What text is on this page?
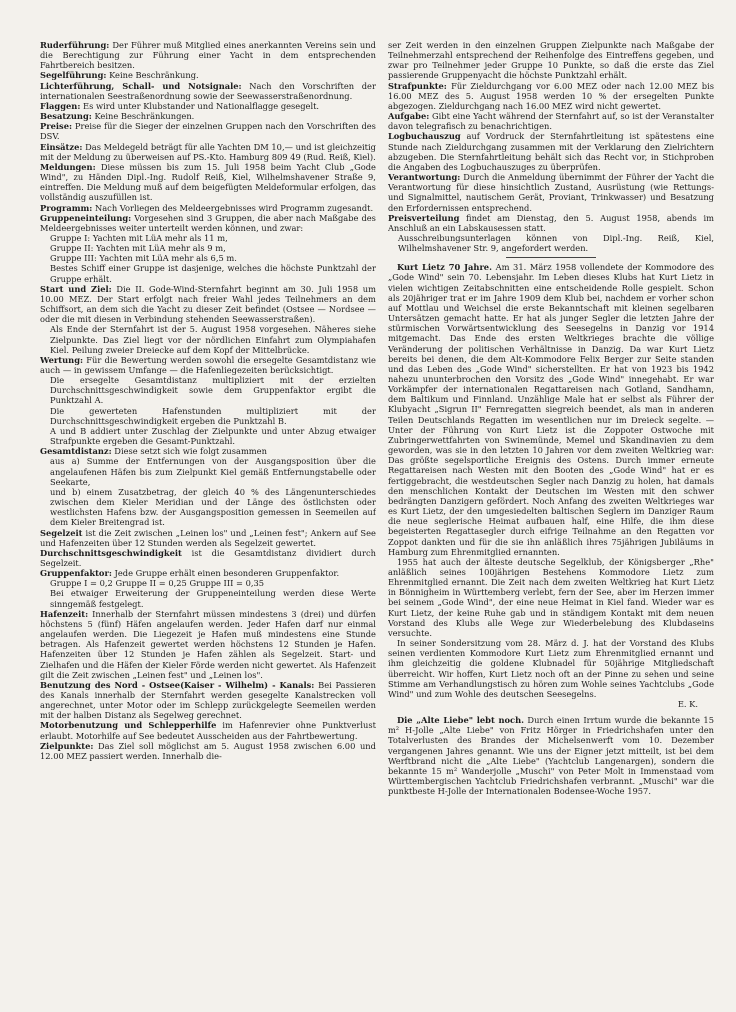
Ruderführung: Der Führer muß Mitglied eines anerkannten Vereins sein und die Berechtigung zur Führung einer Yacht in dem entsprechenden Fahrtbereich besitzen.

Segelführung: Keine Beschränkung.

Lichterführung, Schall- und Notsignale: Nach den Vorschriften der internationalen Seestraßenordnung sowie der Seewasserstraßenordnung.

Flaggen: Es wird unter Klubstander und Nationalflagge gesegelt.

Besatzung: Keine Beschränkungen.

Preise: Preise für die Sieger der einzelnen Gruppen nach den Vorschriften des DSV.

Einsätze: Das Meldegeld beträgt für alle Yachten DM 10,— und ist gleichzeitig mit der Meldung zu überweisen auf PS.-Kto. Hamburg 809 49 (Rud. Reiß, Kiel).

Meldungen: Diese müssen bis zum 15. Juli 1958 beim Yacht Club „Gode Wind", zu Händen Dipl.-Ing. Rudolf Reiß, Kiel, Wilhelmshavener Straße 9, eintreffen. Die Meldung muß auf dem beigefügten Meldeformular erfolgen, das vollständig auszufüllen ist.

Programm: Nach Vorliegen des Meldeergebnisses wird Programm zugesandt.

Gruppeneinteilung: Vorgesehen sind 3 Gruppen, die aber nach Maßgabe des Meldeergebnisses weiter unterteilt werden können, und zwar:

Gruppe I: Yachten mit LüA mehr als 11 m,

Gruppe II: Yachten mit LüA mehr als 9 m,

Gruppe III: Yachten mit LüA mehr als 6,5 m.

Bestes Schiff einer Gruppe ist dasjenige, welches die höchste Punktzahl der Gruppe erhält.

Start und Ziel: Die II. Gode-Wind-Sternfahrt beginnt am 30. Juli 1958 um 10.00 MEZ. Der Start erfolgt nach freier Wahl jedes Teilnehmers an dem Schiffsort, an dem sich die Yacht zu dieser Zeit befindet (Ostsee — Nordsee — oder die mit diesen in Verbindung stehenden Seewasserstraßen).

Als Ende der Sternfahrt ist der 5. August 1958 vorgesehen. Näheres siehe Zielpunkte. Das Ziel liegt vor der nördlichen Einfahrt zum Olympiahafen Kiel. Peilung zweier Dreiecke auf dem Kopf der Mittelbrücke.

Wertung: Für die Bewertung werden sowohl die ersegelte Gesamtdistanz wie auch — in gewissem Umfange — die Hafenliegezeiten berücksichtigt.

Die ersegelte Gesamtdistanz multipliziert mit der erzielten Durchschnittsgeschwindigkeit sowie dem Gruppenfaktor ergibt die Punktzahl A.

Die gewerteten Hafenstunden multipliziert mit der Durchschnittsgeschwindigkeit ergeben die Punktzahl B.

A und B addiert unter Zuschlag der Zielpunkte und unter Abzug etwaiger Strafpunkte ergeben die Gesamt-Punktzahl.

Gesamtdistanz: Diese setzt sich wie folgt zusammen

aus a) Summe der Entfernungen von der Ausgangsposition über die angelaufenen Häfen bis zum Zielpunkt Kiel gemäß Entfernungstabelle oder Seekarte,

und b) einem Zusatzbetrag, der gleich 40 % des Längenunterschiedes zwischen dem Kieler Meridian und der Länge des östlichsten oder westlichsten Hafens bzw. der Ausgangsposition gemessen in Seemeilen auf dem Kieler Breitengrad ist.

Segelzeit ist die Zeit zwischen „Leinen los" und „Leinen fest"; Ankern auf See und Hafenzeiten über 12 Stunden werden als Segelzeit gewertet.

Durchschnittsgeschwindigkeit ist die Gesamtdistanz dividiert durch Segelzeit.

Gruppenfaktor: Jede Gruppe erhält einen besonderen Gruppenfaktor.

Gruppe I = 0,2 Gruppe II = 0,25 Gruppe III = 0,35

Bei etwaiger Erweiterung der Gruppeneinteilung werden diese Werte sinngemäß festgelegt.

Hafenzeit: Innerhalb der Sternfahrt müssen mindestens 3 (drei) und dürfen höchstens 5 (fünf) Häfen angelaufen werden. Jeder Hafen darf nur einmal angelaufen werden. Die Liegezeit je Hafen muß mindestens eine Stunde betragen. Als Hafenzeit gewertet werden höchstens 12 Stunden je Hafen. Hafenzeiten über 12 Stunden je Hafen zählen als Segelzeit. Start- und Zielhafen und die Häfen der Kieler Förde werden nicht gewertet. Als Hafenzeit gilt die Zeit zwischen „Leinen fest" und „Leinen los".

Benutzung des Nord - Ostsee(Kaiser - Wilhelm) - Kanals: Bei Passieren des Kanals innerhalb der Sternfahrt werden gesegelte Kanalstrecken voll angerechnet, unter Motor oder im Schlepp zurückgelegte Seemeilen werden mit der halben Distanz als Segelweg gerechnet.

Motorbenutzung und Schlepperhilfe im Hafenrevier ohne Punktverlust erlaubt. Motorhilfe auf See bedeutet Ausscheiden aus der Fahrtbewertung.

Zielpunkte: Das Ziel soll möglichst am 5. August 1958 zwischen 6.00 und 12.00 MEZ passiert werden. Innerhalb die-

ser Zeit werden in den einzelnen Gruppen Zielpunkte nach Maßgabe der Teilnehmerzahl entsprechend der Reihenfolge des Eintreffens gegeben, und zwar pro Teilnehmer jeder Gruppe 10 Punkte, so daß die erste das Ziel passierende Gruppenyacht die höchste Punktzahl erhält.

Strafpunkte: Für Zieldurchgang vor 6.00 MEZ oder nach 12.00 MEZ bis 16.00 MEZ des 5. August 1958 werden 10 % der ersegelten Punkte abgezogen. Zieldurchgang nach 16.00 MEZ wird nicht gewertet.

Aufgabe: Gibt eine Yacht während der Sternfahrt auf, so ist der Veranstalter davon telegrafisch zu benachrichtigen.

Logbuchauszug auf Vordruck der Sternfahrtleitung ist spätestens eine Stunde nach Zieldurchgang zusammen mit der Verklarung den Zielrichtern abzugeben. Die Sternfahrtleitung behält sich das Recht vor, in Stichproben die Angaben des Logbuchauszuges zu überprüfen.

Verantwortung: Durch die Anmeldung übernimmt der Führer der Yacht die Verantwortung für diese hinsichtlich Zustand, Ausrüstung (wie Rettungs- und Signalmittel, nautischem Gerät, Proviant, Trinkwasser) und Besatzung den Erfordernissen entsprechend.

Preisverteilung findet am Dienstag, den 5. August 1958, abends im Anschluß an ein Labskausessen statt.

Ausschreibungsunterlagen können von Dipl.-Ing. Reiß, Kiel, Wilhelmshavener Str. 9, angefordert werden.

Kurt Lietz 70 Jahre. Am 31. März 1958 vollendete der Kommodore des „Gode Wind" sein 70. Lebensjahr. Im Leben dieses Klubs hat Kurt Lietz in vielen wichtigen Zeitabschnitten eine entscheidende Rolle gespielt. Schon als 20jähriger trat er im Jahre 1909 dem Klub bei, nachdem er vorher schon auf Mottlau und Weichsel die erste Bekanntschaft mit kleinen segelbaren Untersätzen gemacht hatte. Er hat als junger Segler die letzten Jahre der stürmischen Vorwärtsentwicklung des Seesegelns in Danzig vor 1914 mitgemacht. Das Ende des ersten Weltkrieges brachte die völlige Veränderung der politischen Verhältnisse in Danzig. Da war Kurt Lietz bereits bei denen, die dem Alt-Kommodore Felix Berger zur Seite standen und das Leben des „Gode Wind" sicherstellten. Er hat von 1923 bis 1942 nahezu ununterbrochen den Vorsitz des „Gode Wind" innegehabt. Er war Vorkämpfer der internationalen Regattareisen nach Gotland, Sandhamn, dem Baltikum und Finnland. Unzählige Male hat er selbst als Führer der Klubyacht „Sigrun II" Fernregatten siegreich beendet, als man in anderen Teilen Deutschlands Regatten im wesentlichen nur im Dreieck segelte. — Unter der Führung von Kurt Lietz ist die Zoppoter Ostwoche mit Zubringerwettfahrten von Swinemünde, Memel und Skandinavien zu dem geworden, was sie in den letzten 10 Jahren vor dem zweiten Weltkrieg war: Das größte segelsportliche Ereignis des Ostens. Durch immer erneute Regattareisen nach Westen mit den Booten des „Gode Wind" hat er es fertiggebracht, die westdeutschen Segler nach Danzig zu holen, hat damals den menschlichen Kontakt der Deutschen im Westen mit den schwer bedrängten Danzigern gefördert. Noch Anfang des zweiten Weltkrieges war es Kurt Lietz, der den umgesiedelten baltischen Seglern im Danziger Raum die neue seglerische Heimat aufbauen half, eine Hilfe, die ihm diese begeisterten Regattasegler durch eifrige Teilnahme an den Regatten vor Zoppot dankten und für die sie ihn anläßlich ihres 75jährigen Jubiläums in Hamburg zum Ehrenmitglied ernannten.

1955 hat auch der älteste deutsche Segelklub, der Königsberger „Rhe" anläßlich seines 100jährigen Bestehens Kommodore Lietz zum Ehrenmitglied ernannt. Die Zeit nach dem zweiten Weltkrieg hat Kurt Lietz in Bönnigheim in Württemberg verlebt, fern der See, aber im Herzen immer bei seinem „Gode Wind", der eine neue Heimat in Kiel fand. Wieder war es Kurt Lietz, der keine Ruhe gab und in ständigem Kontakt mit dem neuen Vorstand des Klubs alle Wege zur Wiederbelebung des Klubdaseins versuchte.

In seiner Sondersitzung vom 28. März d. J. hat der Vorstand des Klubs seinen verdienten Kommodore Kurt Lietz zum Ehrenmitglied ernannt und ihm gleichzeitig die goldene Klubnadel für 50jährige Mitgliedschaft überreicht. Wir hoffen, Kurt Lietz noch oft an der Pinne zu sehen und seine Stimme am Verhandlungstisch zu hören zum Wohle seines Yachtclubs „Gode Wind" und zum Wohle des deutschen Seesegelns.

E. K.

Die „Alte Liebe" lebt noch. Durch einen Irrtum wurde die bekannte 15 m² H-Jolle „Alte Liebe" von Fritz Hörger in Friedrichshafen unter den Totalverlusten des Brandes der Michelsenwerft vom 10. Dezember vergangenen Jahres genannt. Wie uns der Eigner jetzt mitteilt, ist bei dem Werftbrand nicht die „Alte Liebe" (Yachtclub Langenargen), sondern die bekannte 15 m² Wanderjolle „Muschi" von Peter Molt in Immenstaad vom Württembergischen Yachtclub Friedrichshafen verbrannt. „Muschi" war die punktbeste H-Jolle der Internationalen Bodensee-Woche 1957.
